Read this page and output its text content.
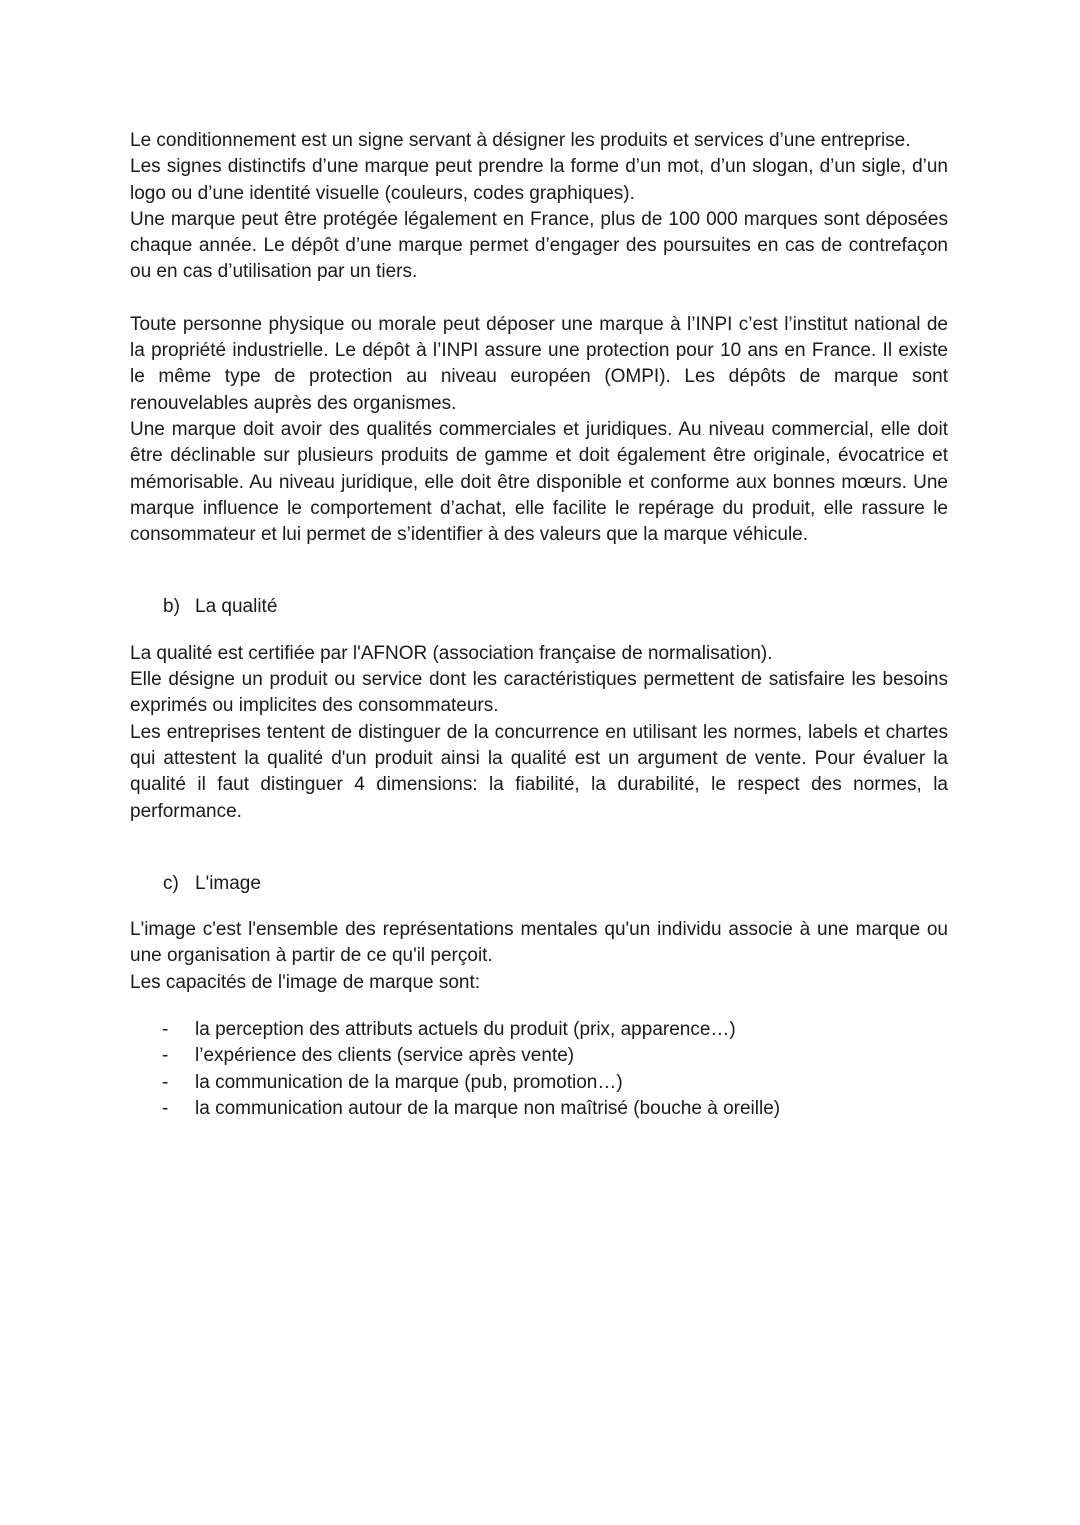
Le conditionnement est un signe servant à désigner les produits et services d’une entreprise.

Les signes distinctifs d’une marque peut prendre la forme d’un mot, d’un slogan, d’un sigle, d’un logo ou d’une identité visuelle (couleurs, codes graphiques).

Une marque peut être protégée légalement en France, plus de 100 000 marques sont déposées chaque année. Le dépôt d’une marque permet d’engager des poursuites en cas de contrefaçon ou en cas d’utilisation par un tiers.

Toute personne physique ou morale peut déposer une marque à l’INPI c’est l’institut national de la propriété industrielle. Le dépôt à l’INPI assure une protection pour 10 ans en France. Il existe le même type de protection au niveau européen (OMPI). Les dépôts de marque sont renouvelables auprès des organismes.

Une marque doit avoir des qualités commerciales et juridiques. Au niveau commercial, elle doit être déclinable sur plusieurs produits de gamme et doit également être originale, évocatrice et mémorisable. Au niveau juridique, elle doit être disponible et conforme aux bonnes mœurs. Une marque influence le comportement d’achat, elle facilite le repérage du produit, elle rassure le consommateur et lui permet de s’identifier à des valeurs que la marque véhicule.

b) La qualité

La qualité est certifiée par l'AFNOR (association française de normalisation).

Elle désigne un produit ou service dont les caractéristiques permettent de satisfaire les besoins exprimés ou implicites des consommateurs.

Les entreprises tentent de distinguer de la concurrence en utilisant les normes, labels et chartes qui attestent la qualité d'un produit ainsi la qualité est un argument de vente. Pour évaluer la qualité il faut distinguer 4 dimensions: la fiabilité, la durabilité, le respect des normes, la performance.

c) L'image

L'image c'est l'ensemble des représentations mentales qu'un individu associe à une marque ou une organisation à partir de ce qu'il perçoit.

Les capacités de l'image de marque sont:

- la perception des attributs actuels du produit (prix, apparence…)
- l’expérience des clients (service après vente)
- la communication de la marque (pub, promotion…)
- la communication autour de la marque non maîtrisé (bouche à oreille)
